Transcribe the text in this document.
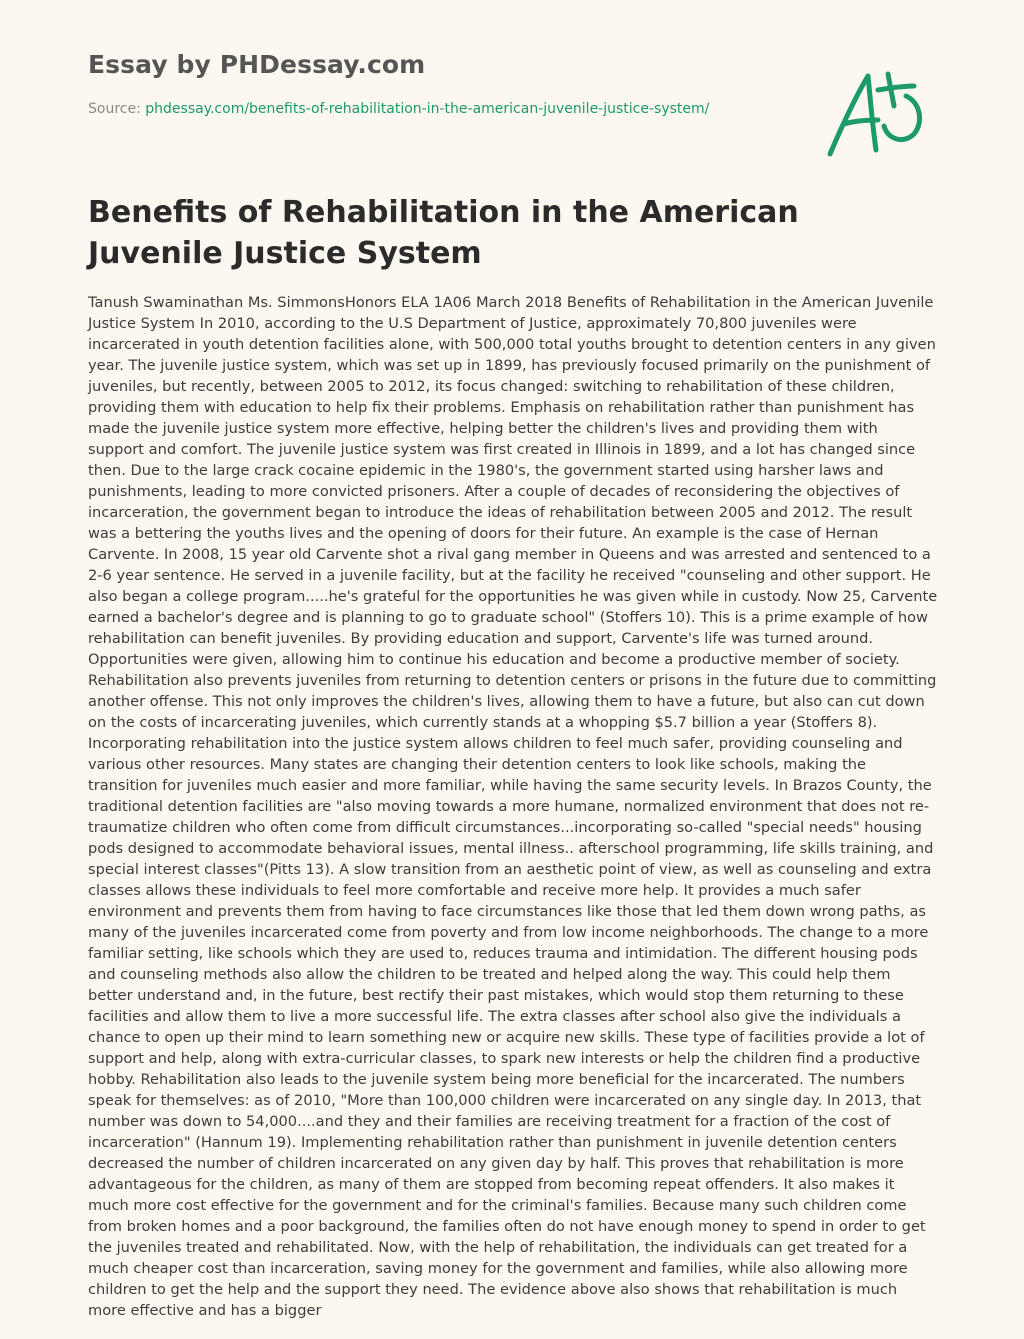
Essay by PHDessay.com
Source: phdessay.com/benefits-of-rehabilitation-in-the-american-juvenile-justice-system/
Benefits of Rehabilitation in the American Juvenile Justice System

Tanush Swaminathan Ms. SimmonsHonors ELA 1A06 March 2018 Benefits of Rehabilitation in the American Juvenile Justice System In 2010, according to the U.S Department of Justice, approximately 70,800 juveniles were incarcerated in youth detention facilities alone, with 500,000 total youths brought to detention centers in any given year. The juvenile justice system, which was set up in 1899, has previously focused primarily on the punishment of juveniles, but recently, between 2005 to 2012, its focus changed: switching to rehabilitation of these children, providing them with education to help fix their problems. Emphasis on rehabilitation rather than punishment has made the juvenile justice system more effective, helping better the children's lives and providing them with support and comfort. The juvenile justice system was first created in Illinois in 1899, and a lot has changed since then. Due to the large crack cocaine epidemic in the 1980's, the government started using harsher laws and punishments, leading to more convicted prisoners. After a couple of decades of reconsidering the objectives of incarceration, the government began to introduce the ideas of rehabilitation between 2005 and 2012. The result was a bettering the youths lives and the opening of doors for their future. An example is the case of Hernan Carvente. In 2008, 15 year old Carvente shot a rival gang member in Queens and was arrested and sentenced to a 2-6 year sentence. He served in a juvenile facility, but at the facility he received "counseling and other support. He also began a college program.....he's grateful for the opportunities he was given while in custody. Now 25, Carvente earned a bachelor's degree and is planning to go to graduate school" (Stoffers 10). This is a prime example of how rehabilitation can benefit juveniles. By providing education and support, Carvente's life was turned around. Opportunities were given, allowing him to continue his education and become a productive member of society. Rehabilitation also prevents juveniles from returning to detention centers or prisons in the future due to committing another offense. This not only improves the children's lives, allowing them to have a future, but also can cut down on the costs of incarcerating juveniles, which currently stands at a whopping $5.7 billion a year (Stoffers 8). Incorporating rehabilitation into the justice system allows children to feel much safer, providing counseling and various other resources. Many states are changing their detention centers to look like schools, making the transition for juveniles much easier and more familiar, while having the same security levels. In Brazos County, the traditional detention facilities are "also moving towards a more humane, normalized environment that does not re-traumatize children who often come from difficult circumstances...incorporating so-called "special needs" housing pods designed to accommodate behavioral issues, mental illness.. afterschool programming, life skills training, and special interest classes"(Pitts 13). A slow transition from an aesthetic point of view, as well as counseling and extra classes allows these individuals to feel more comfortable and receive more help. It provides a much safer environment and prevents them from having to face circumstances like those that led them down wrong paths, as many of the juveniles incarcerated come from poverty and from low income neighborhoods. The change to a more familiar setting, like schools which they are used to, reduces trauma and intimidation. The different housing pods and counseling methods also allow the children to be treated and helped along the way. This could help them better understand and, in the future, best rectify their past mistakes, which would stop them returning to these facilities and allow them to live a more successful life. The extra classes after school also give the individuals a chance to open up their mind to learn something new or acquire new skills. These type of facilities provide a lot of support and help, along with extra-curricular classes, to spark new interests or help the children find a productive hobby. Rehabilitation also leads to the juvenile system being more beneficial for the incarcerated. The numbers speak for themselves: as of 2010, "More than 100,000 children were incarcerated on any single day. In 2013, that number was down to 54,000....and they and their families are receiving treatment for a fraction of the cost of incarceration" (Hannum 19). Implementing rehabilitation rather than punishment in juvenile detention centers decreased the number of children incarcerated on any given day by half. This proves that rehabilitation is more advantageous for the children, as many of them are stopped from becoming repeat offenders. It also makes it much more cost effective for the government and for the criminal's families. Because many such children come from broken homes and a poor background, the families often do not have enough money to spend in order to get the juveniles treated and rehabilitated. Now, with the help of rehabilitation, the individuals can get treated for a much cheaper cost than incarceration, saving money for the government and families, while also allowing more children to get the help and the support they need. The evidence above also shows that rehabilitation is much more effective and has a bigger
